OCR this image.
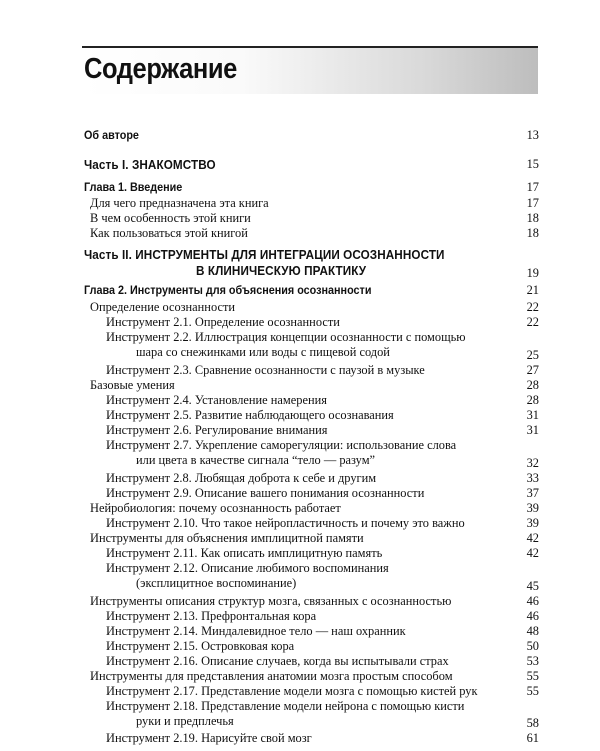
Содержание
Об авторе	13
Часть I. ЗНАКОМСТВО	15
Глава 1. Введение	17
Для чего предназначена эта книга	17
В чем особенность этой книги	18
Как пользоваться этой книгой	18
Часть II. ИНСТРУМЕНТЫ ДЛЯ ИНТЕГРАЦИИ ОСОЗНАННОСТИ
В КЛИНИЧЕСКУЮ ПРАКТИКУ	19
Глава 2. Инструменты для объяснения осознанности	21
Определение осознанности	22
Инструмент 2.1. Определение осознанности	22
Инструмент 2.2. Иллюстрация концепции осознанности с помощью
шара со снежинками или воды с пищевой содой	25
Инструмент 2.3. Сравнение осознанности с паузой в музыке	27
Базовые умения	28
Инструмент 2.4. Установление намерения	28
Инструмент 2.5. Развитие наблюдающего осознавания	31
Инструмент 2.6. Регулирование внимания	31
Инструмент 2.7. Укрепление саморегуляции: использование слова
или цвета в качестве сигнала “тело — разум”	32
Инструмент 2.8. Любящая доброта к себе и другим	33
Инструмент 2.9. Описание вашего понимания осознанности	37
Нейробиология: почему осознанность работает	39
Инструмент 2.10. Что такое нейропластичность и почему это важно	39
Инструменты для объяснения имплицитной памяти	42
Инструмент 2.11. Как описать имплицитную память	42
Инструмент 2.12. Описание любимого воспоминания
(эксплицитное воспоминание)	45
Инструменты описания структур мозга, связанных с осознанностью	46
Инструмент 2.13. Префронтальная кора	46
Инструмент 2.14. Миндалевидное тело — наш охранник	48
Инструмент 2.15. Островковая кора	50
Инструмент 2.16. Описание случаев, когда вы испытывали страх	53
Инструменты для представления анатомии мозга простым способом	55
Инструмент 2.17. Представление модели мозга с помощью кистей рук	55
Инструмент 2.18. Представление модели нейрона с помощью кисти
руки и предплечья	58
Инструмент 2.19. Нарисуйте свой мозг	61
